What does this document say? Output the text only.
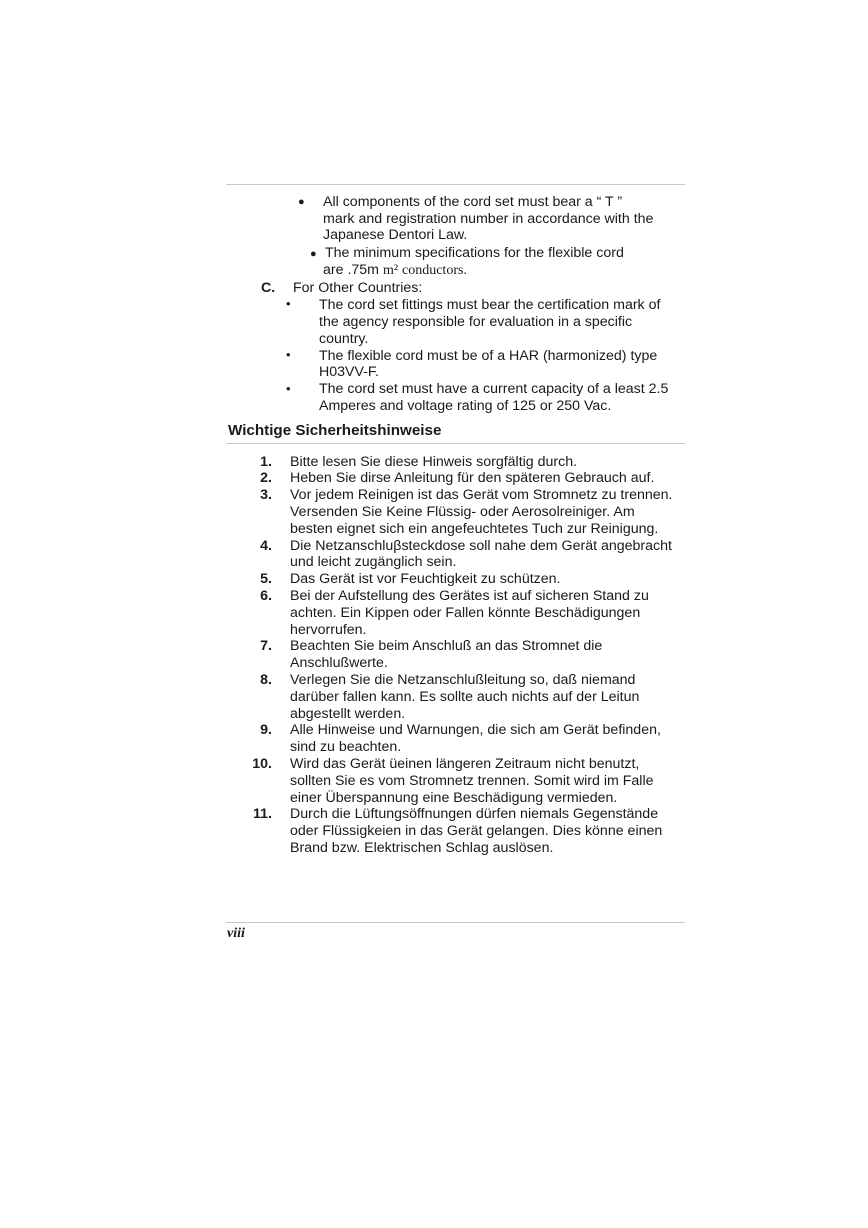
● All components of the cord set must bear a “ T ”
mark and registration number in accordance with the
Japanese Dentori Law.
● The minimum specifications for the flexible cord
are .75m m² conductors.
C. For Other Countries:
• The cord set fittings must bear the certification mark of
the agency responsible for evaluation in a specific
country.
• The flexible cord must be of a HAR (harmonized) type
H03VV-F.
• The cord set must have a current capacity of a least 2.5
Amperes and voltage rating of 125 or 250 Vac.
Wichtige Sicherheitshinweise
1. Bitte lesen Sie diese Hinweis sorgfältig durch.
2. Heben Sie dirse Anleitung für den späteren Gebrauch auf.
3. Vor jedem Reinigen ist das Gerät vom Stromnetz zu trennen.
Versenden Sie Keine Flüssig- oder Aerosolreiniger. Am
besten eignet sich ein angefeuchtetes Tuch zur Reinigung.
4. Die Netzanschluβsteckdose soll nahe dem Gerät angebracht
und leicht zugänglich sein.
5. Das Gerät ist vor Feuchtigkeit zu schützen.
6. Bei der Aufstellung des Gerätes ist auf sicheren Stand zu
achten. Ein Kippen oder Fallen könnte Beschädigungen
hervorrufen.
7. Beachten Sie beim Anschluß an das Stromnet die
Anschlußwerte.
8. Verlegen Sie die Netzanschlußleitung so, daß niemand
darüber fallen kann. Es sollte auch nichts auf der Leitun
abgestellt werden.
9. Alle Hinweise und Warnungen, die sich am Gerät befinden,
sind zu beachten.
10. Wird das Gerät üeinen längeren Zeitraum nicht benutzt,
sollten Sie es vom Stromnetz trennen. Somit wird im Falle
einer Überspannung eine Beschädigung vermieden.
11. Durch die Lüftungsöffnungen dürfen niemals Gegenstände
oder Flüssigkeien in das Gerät gelangen. Dies könne einen
Brand bzw. Elektrischen Schlag auslösen.
viii
